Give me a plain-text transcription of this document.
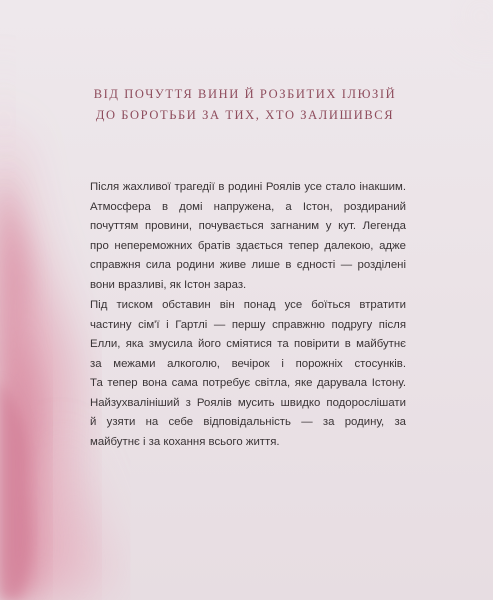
ВІД ПОЧУТТЯ ВИНИ Й РОЗБИТИХ ІЛЮЗІЙ
ДО БОРОТЬБИ ЗА ТИХ, ХТО ЗАЛИШИВСЯ
Після жахливої трагедії в родині Роялів усе стало інакшим.
Атмосфера в домі напружена, а Істон, роздираний
почуттям провини, почувається загнаним у кут. Легенда
про непереможних братів здається тепер далекою, адже
справжня сила родини живе лише в єдності — розділені
вони вразливі, як Істон зараз.
Під тиском обставин він понад усе боїться втратити
частину сім'ї і Гартлі — першу справжню подругу після
Елли, яка змусила його сміятися та повірити в майбутнє
за межами алкоголю, вечірок і порожніх стосунків.
Та тепер вона сама потребує світла, яке дарувала Істону.
Найзухвалініший з Роялів мусить швидко подорослішати
й узяти на себе відповідальність — за родину, за
майбутнє і за кохання всього життя.
